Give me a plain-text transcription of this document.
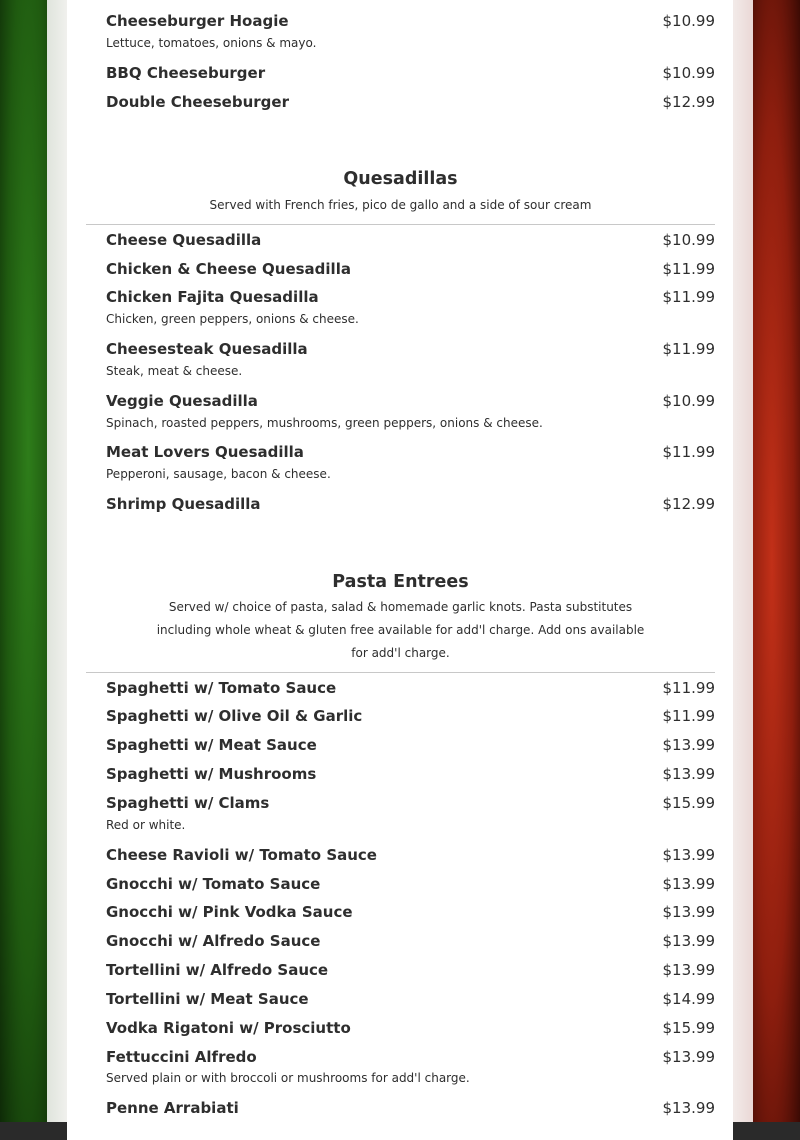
Cheeseburger Hoagie	$10.99
Lettuce, tomatoes, onions & mayo.
BBQ Cheeseburger	$10.99
Double Cheeseburger	$12.99
Quesadillas
Served with French fries, pico de gallo and a side of sour cream
Cheese Quesadilla	$10.99
Chicken & Cheese Quesadilla	$11.99
Chicken Fajita Quesadilla	$11.99
Chicken, green peppers, onions & cheese.
Cheesesteak Quesadilla	$11.99
Steak, meat & cheese.
Veggie Quesadilla	$10.99
Spinach, roasted peppers, mushrooms, green peppers, onions & cheese.
Meat Lovers Quesadilla	$11.99
Pepperoni, sausage, bacon & cheese.
Shrimp Quesadilla	$12.99
Pasta Entrees
Served w/ choice of pasta, salad & homemade garlic knots. Pasta substitutes
including whole wheat & gluten free available for add'l charge. Add ons available
for add'l charge.
Spaghetti w/ Tomato Sauce	$11.99
Spaghetti w/ Olive Oil & Garlic	$11.99
Spaghetti w/ Meat Sauce	$13.99
Spaghetti w/ Mushrooms	$13.99
Spaghetti w/ Clams	$15.99
Red or white.
Cheese Ravioli w/ Tomato Sauce	$13.99
Gnocchi w/ Tomato Sauce	$13.99
Gnocchi w/ Pink Vodka Sauce	$13.99
Gnocchi w/ Alfredo Sauce	$13.99
Tortellini w/ Alfredo Sauce	$13.99
Tortellini w/ Meat Sauce	$14.99
Vodka Rigatoni w/ Prosciutto	$15.99
Fettuccini Alfredo	$13.99
Served plain or with broccoli or mushrooms for add'l charge.
Penne Arrabiati	$13.99
